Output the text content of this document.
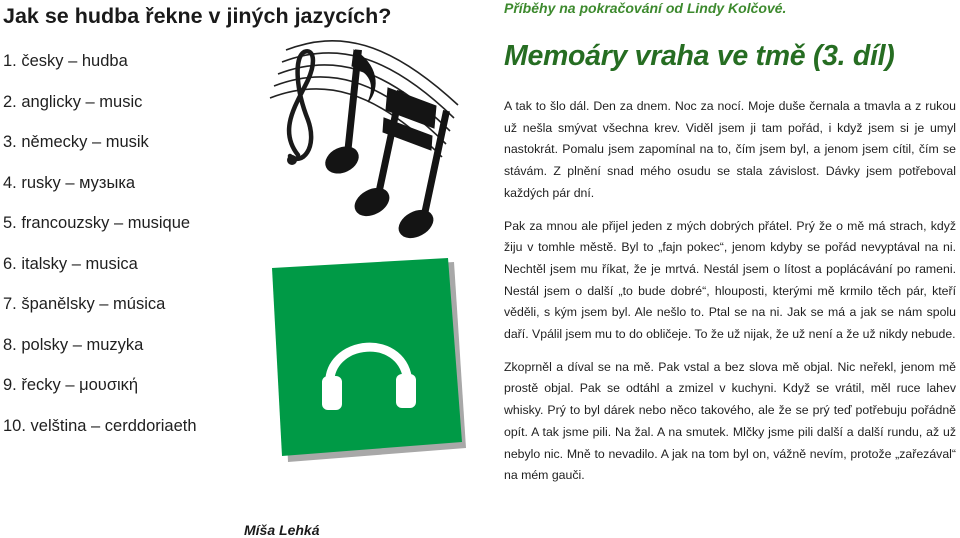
Jak se hudba řekne v jiných jazycích?
1. česky – hudba
2. anglicky – music
3. německy – musik
4. rusky – музыка
5. francouzsky – musique
6. italsky – musica
7. španělsky – música
8. polsky – muzyka
9. řecky – μουσική
10. velština – cerddoriaeth
Míša Lehká
Příběhy na pokračování od Lindy Kolčové.
Memoáry vraha ve tmě (3. díl)

A tak to šlo dál. Den za dnem. Noc za nocí. Moje duše černala a tmavla a z rukou už nešla smývat všechna krev. Viděl jsem ji tam pořád, i když jsem si je umyl nastokrát. Pomalu jsem zapomínal na to, čím jsem byl, a jenom jsem cítil, čím se stávám. Z plnění snad mého osudu se stala závislost. Dávky jsem potřeboval každých pár dní.

Pak za mnou ale přijel jeden z mých dobrých přátel. Prý že o mě má strach, když žiju v tomhle městě. Byl to „fajn pokec“, jenom kdyby se pořád nevyptával na ni. Nechtěl jsem mu říkat, že je mrtvá. Nestál jsem o lítost a poplácávání po rameni. Nestál jsem o další „to bude dobré“, hlouposti, kterými mě krmilo těch pár, kteří věděli, s kým jsem byl. Ale nešlo to. Ptal se na ni. Jak se má a jak se nám spolu daří. Vpálil jsem mu to do obličeje. To že už nijak, že už není a že už nikdy nebude.

Zkoprněl a díval se na mě. Pak vstal a bez slova mě objal. Nic neřekl, jenom mě prostě objal. Pak se odtáhl a zmizel v kuchyni. Když se vrátil, měl ruce lahev whisky. Prý to byl dárek nebo něco takového, ale že se prý teď potřebuju pořádně opít. A tak jsme pili. Na žal. A na smutek. Mlčky jsme pili další a další rundu, až už nebylo nic. Mně to nevadilo. A jak na tom byl on, vážně nevím, protože „zařezával“ na mém gauči.
